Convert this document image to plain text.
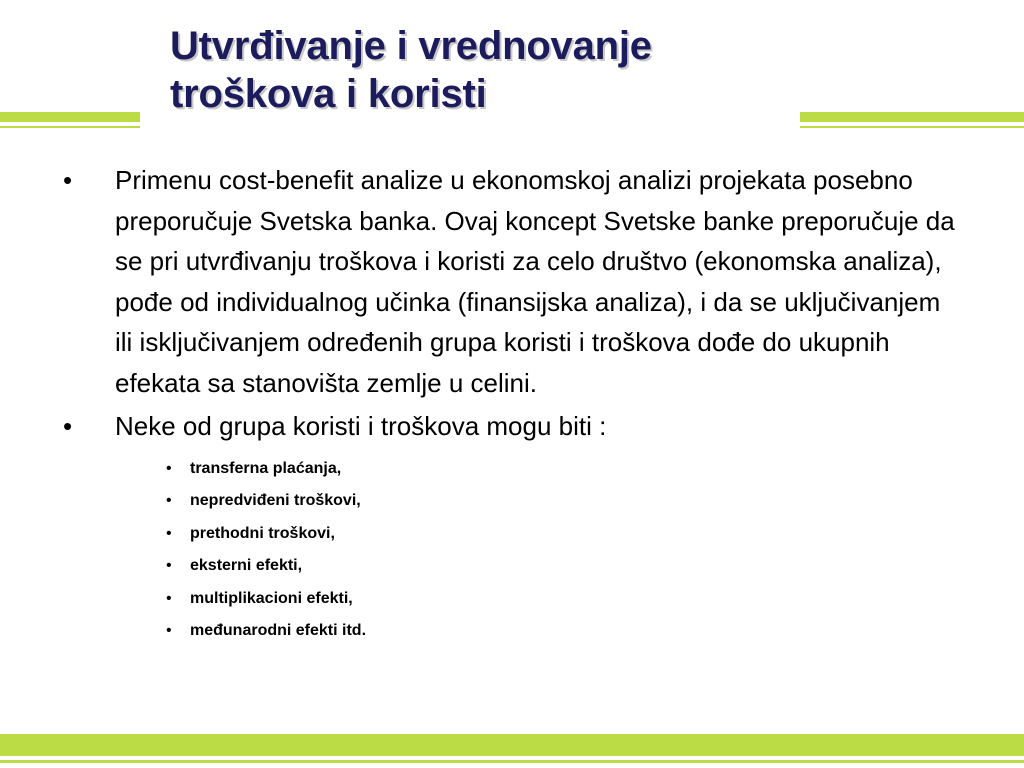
Utvrđivanje i vrednovanje
troškova i koristi
• Primenu cost-benefit analize u ekonomskoj analizi projekata posebno preporučuje Svetska banka. Ovaj koncept Svetske banke preporučuje da se pri utvrđivanju troškova i koristi za celo društvo (ekonomska analiza), pođe od individualnog učinka (finansijska analiza), i da se uključivanjem ili isključivanjem određenih grupa koristi i troškova dođe do ukupnih efekata sa stanovišta zemlje u celini.
• Neke od grupa koristi i troškova mogu biti :
• transferna plaćanja,
• nepredviđeni troškovi,
• prethodni troškovi,
• eksterni efekti,
• multiplikacioni efekti,
• međunarodni efekti itd.
